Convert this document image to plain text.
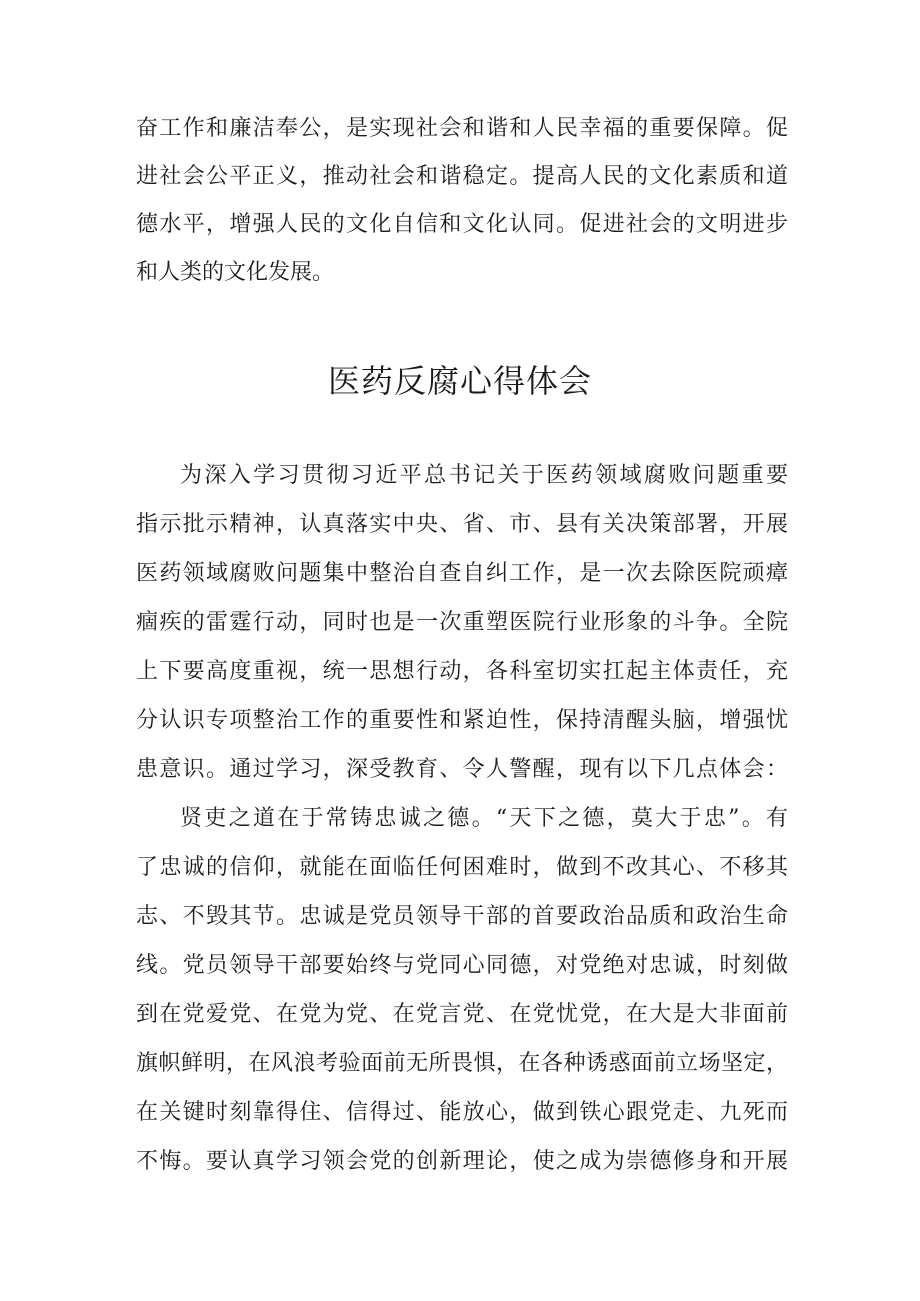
奋工作和廉洁奉公，是实现社会和谐和人民幸福的重要保障。促
进社会公平正义，推动社会和谐稳定。提高人民的文化素质和道
德水平，增强人民的文化自信和文化认同。促进社会的文明进步
和人类的文化发展。
医药反腐心得体会
为深入学习贯彻习近平总书记关于医药领域腐败问题重要
指示批示精神，认真落实中央、省、市、县有关决策部署，开展
医药领域腐败问题集中整治自查自纠工作，是一次去除医院顽瘴
痼疾的雷霆行动，同时也是一次重塑医院行业形象的斗争。全院
上下要高度重视，统一思想行动，各科室切实扛起主体责任，充
分认识专项整治工作的重要性和紧迫性，保持清醒头脑，增强忧
患意识。通过学习，深受教育、令人警醒，现有以下几点体会：
贤吏之道在于常铸忠诚之德。“天下之德，莫大于忠”。有
了忠诚的信仰，就能在面临任何困难时，做到不改其心、不移其
志、不毁其节。忠诚是党员领导干部的首要政治品质和政治生命
线。党员领导干部要始终与党同心同德，对党绝对忠诚，时刻做
到在党爱党、在党为党、在党言党、在党忧党，在大是大非面前
旗帜鲜明，在风浪考验面前无所畏惧，在各种诱惑面前立场坚定，
在关键时刻靠得住、信得过、能放心，做到铁心跟党走、九死而
不悔。要认真学习领会党的创新理论，使之成为崇德修身和开展
